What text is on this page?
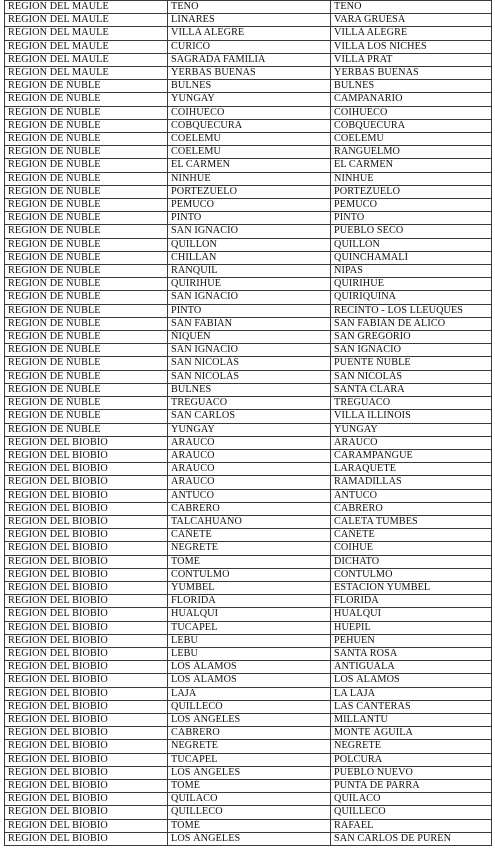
REGIÓN DEL MAULE	TENO	TENO
REGIÓN DEL MAULE	LINARES	VARA GRUESA
REGIÓN DEL MAULE	VILLA ALEGRE	VILLA ALEGRE
REGIÓN DEL MAULE	CURICÓ	VILLA LOS NICHES
REGIÓN DEL MAULE	SAGRADA FAMILIA	VILLA PRAT
REGIÓN DEL MAULE	YERBAS BUENAS	YERBAS BUENAS
REGIÓN DE ÑUBLE	BULNES	BULNES
REGIÓN DE ÑUBLE	YUNGAY	CAMPANARIO
REGIÓN DE ÑUBLE	COIHUECO	COIHUECO
REGIÓN DE ÑUBLE	COBQUECURA	COBQUECURA
REGIÓN DE ÑUBLE	COELEMU	COELEMU
REGIÓN DE ÑUBLE	COELEMU	RANGUELMO
REGIÓN DE ÑUBLE	EL CARMEN	EL CARMEN
REGIÓN DE ÑUBLE	NINHUE	NINHUE
REGIÓN DE ÑUBLE	PORTEZUELO	PORTEZUELO
REGIÓN DE ÑUBLE	PEMUCO	PEMUCO
REGIÓN DE ÑUBLE	PINTO	PINTO
REGIÓN DE ÑUBLE	SAN IGNACIO	PUEBLO SECO
REGIÓN DE ÑUBLE	QUILLÓN	QUILLÓN
REGIÓN DE ÑUBLE	CHILLÁN	QUINCHAMALÍ
REGIÓN DE ÑUBLE	RÁNQUIL	ÑIPAS
REGIÓN DE ÑUBLE	QUIRIHUE	QUIRIHUE
REGIÓN DE ÑUBLE	SAN IGNACIO	QUIRIQUINA
REGIÓN DE ÑUBLE	PINTO	RECINTO - LOS LLEUQUES
REGIÓN DE ÑUBLE	SAN FABIÁN	SAN FABIÁN DE ALICO
REGIÓN DE ÑUBLE	ÑIQUÉN	SAN GREGORIO
REGIÓN DE ÑUBLE	SAN IGNACIO	SAN IGNACIO
REGIÓN DE ÑUBLE	SAN NICOLÁS	PUENTE ÑUBLE
REGIÓN DE ÑUBLE	SAN NICOLÁS	SAN NICOLÁS
REGIÓN DE ÑUBLE	BULNES	SANTA CLARA
REGIÓN DE ÑUBLE	TREGUACO	TREGUACO
REGIÓN DE ÑUBLE	SAN CARLOS	VILLA ILLINOIS
REGIÓN DE ÑUBLE	YUNGAY	YUNGAY
REGIÓN DEL BIOBÍO	ARAUCO	ARAUCO
REGIÓN DEL BIOBÍO	ARAUCO	CARAMPANGUE
REGIÓN DEL BIOBÍO	ARAUCO	LARAQUETE
REGIÓN DEL BIOBÍO	ARAUCO	RAMADILLAS
REGIÓN DEL BIOBÍO	ANTUCO	ANTUCO
REGIÓN DEL BIOBÍO	CABRERO	CABRERO
REGIÓN DEL BIOBÍO	TALCAHUANO	CALETA TUMBES
REGIÓN DEL BIOBÍO	CAÑETE	CAÑETE
REGIÓN DEL BIOBÍO	NEGRETE	COIHUE
REGIÓN DEL BIOBÍO	TOMÉ	DICHATO
REGIÓN DEL BIOBÍO	CONTULMO	CONTULMO
REGIÓN DEL BIOBÍO	YUMBEL	ESTACIÓN YUMBEL
REGIÓN DEL BIOBÍO	FLORIDA	FLORIDA
REGIÓN DEL BIOBÍO	HUALQUI	HUALQUI
REGIÓN DEL BIOBÍO	TUCAPEL	HUEPIL
REGIÓN DEL BIOBÍO	LEBU	PEHUEN
REGIÓN DEL BIOBÍO	LEBU	SANTA ROSA
REGIÓN DEL BIOBÍO	LOS ÁLAMOS	ANTIGUALA
REGIÓN DEL BIOBÍO	LOS ÁLAMOS	LOS ÁLAMOS
REGIÓN DEL BIOBÍO	LAJA	LA LAJA
REGIÓN DEL BIOBÍO	QUILLECO	LAS CANTERAS
REGIÓN DEL BIOBÍO	LOS ÁNGELES	MILLANTÚ
REGIÓN DEL BIOBÍO	CABRERO	MONTE ÁGUILA
REGIÓN DEL BIOBÍO	NEGRETE	NEGRETE
REGIÓN DEL BIOBÍO	TUCAPEL	POLCURA
REGIÓN DEL BIOBÍO	LOS ÁNGELES	PUEBLO NUEVO
REGIÓN DEL BIOBÍO	TOMÉ	PUNTA DE PARRA
REGIÓN DEL BIOBÍO	QUILACO	QUILACO
REGIÓN DEL BIOBÍO	QUILLECO	QUILLECO
REGIÓN DEL BIOBÍO	TOMÉ	RAFAEL
REGIÓN DEL BIOBÍO	LOS ÁNGELES	SAN CARLOS DE PURÉN
